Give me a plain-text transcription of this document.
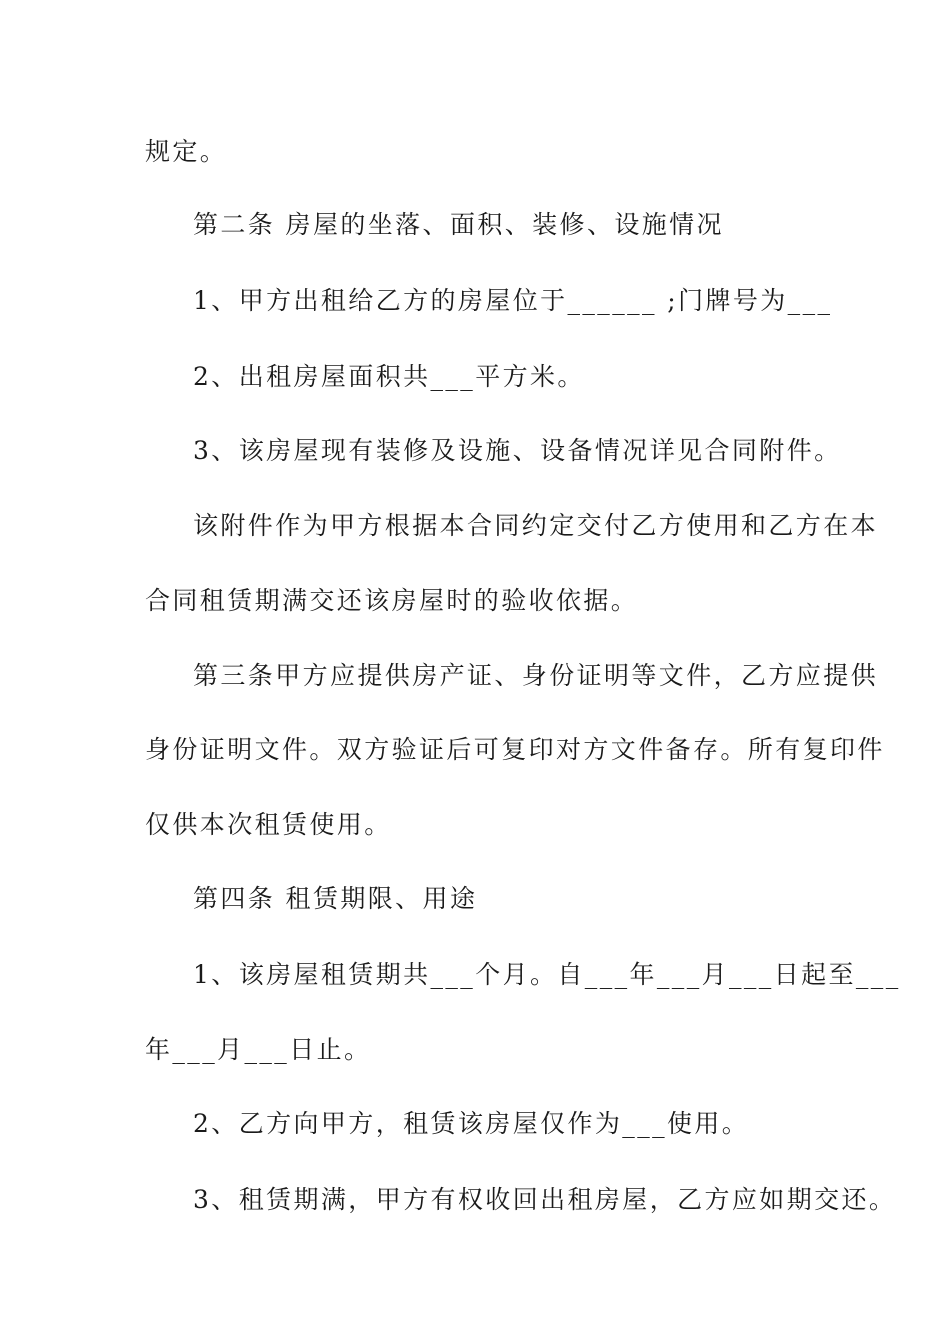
规定。
第二条 房屋的坐落、面积、装修、设施情况
1、甲方出租给乙方的房屋位于______ ;门牌号为___
2、出租房屋面积共___平方米。
3、该房屋现有装修及设施、设备情况详见合同附件。
该附件作为甲方根据本合同约定交付乙方使用和乙方在本
合同租赁期满交还该房屋时的验收依据。
第三条甲方应提供房产证、身份证明等文件，乙方应提供
身份证明文件。双方验证后可复印对方文件备存。所有复印件
仅供本次租赁使用。
第四条 租赁期限、用途
1、该房屋租赁期共___个月。自___年___月___日起至___
年___月___日止。
2、乙方向甲方，租赁该房屋仅作为___使用。
3、租赁期满，甲方有权收回出租房屋，乙方应如期交还。
